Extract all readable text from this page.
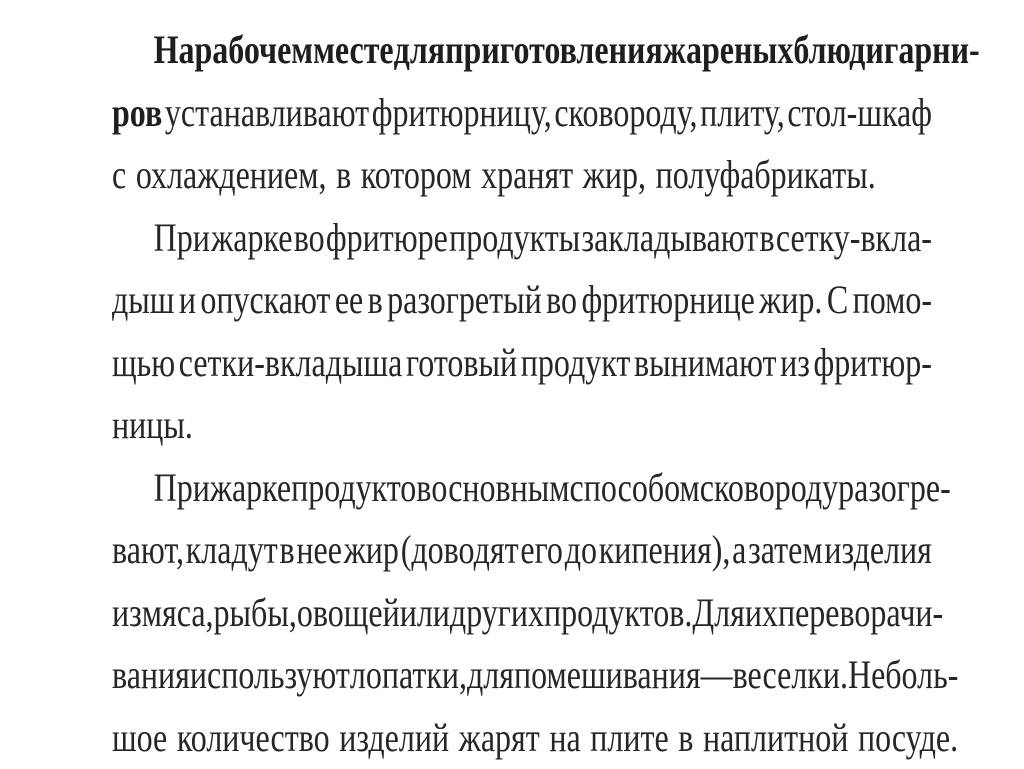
На рабочем месте для приготовления жареных блюд и гарни-
ров устанавливают фритюрницу, сковороду, плиту, стол-шкаф
с охлаждением, в котором хранят жир, полуфабрикаты.
При жарке во фритюре продукты закладывают в сетку-вкла-
дыш и опускают ее в разогретый во фритюрнице жир. С помо-
щью сетки-вкладыша готовый продукт вынимают из фритюр-
ницы.
При жарке продуктов основным способом сковороду разогре-
вают, кладут в нее жир (доводят его до кипения), а затем изделия
из мяса, рыбы, овощей или других продуктов. Для их переворачи-
вания используют лопатки, для помешивания — веселки. Неболь-
шое количество изделий жарят на плите в наплитной посуде.
